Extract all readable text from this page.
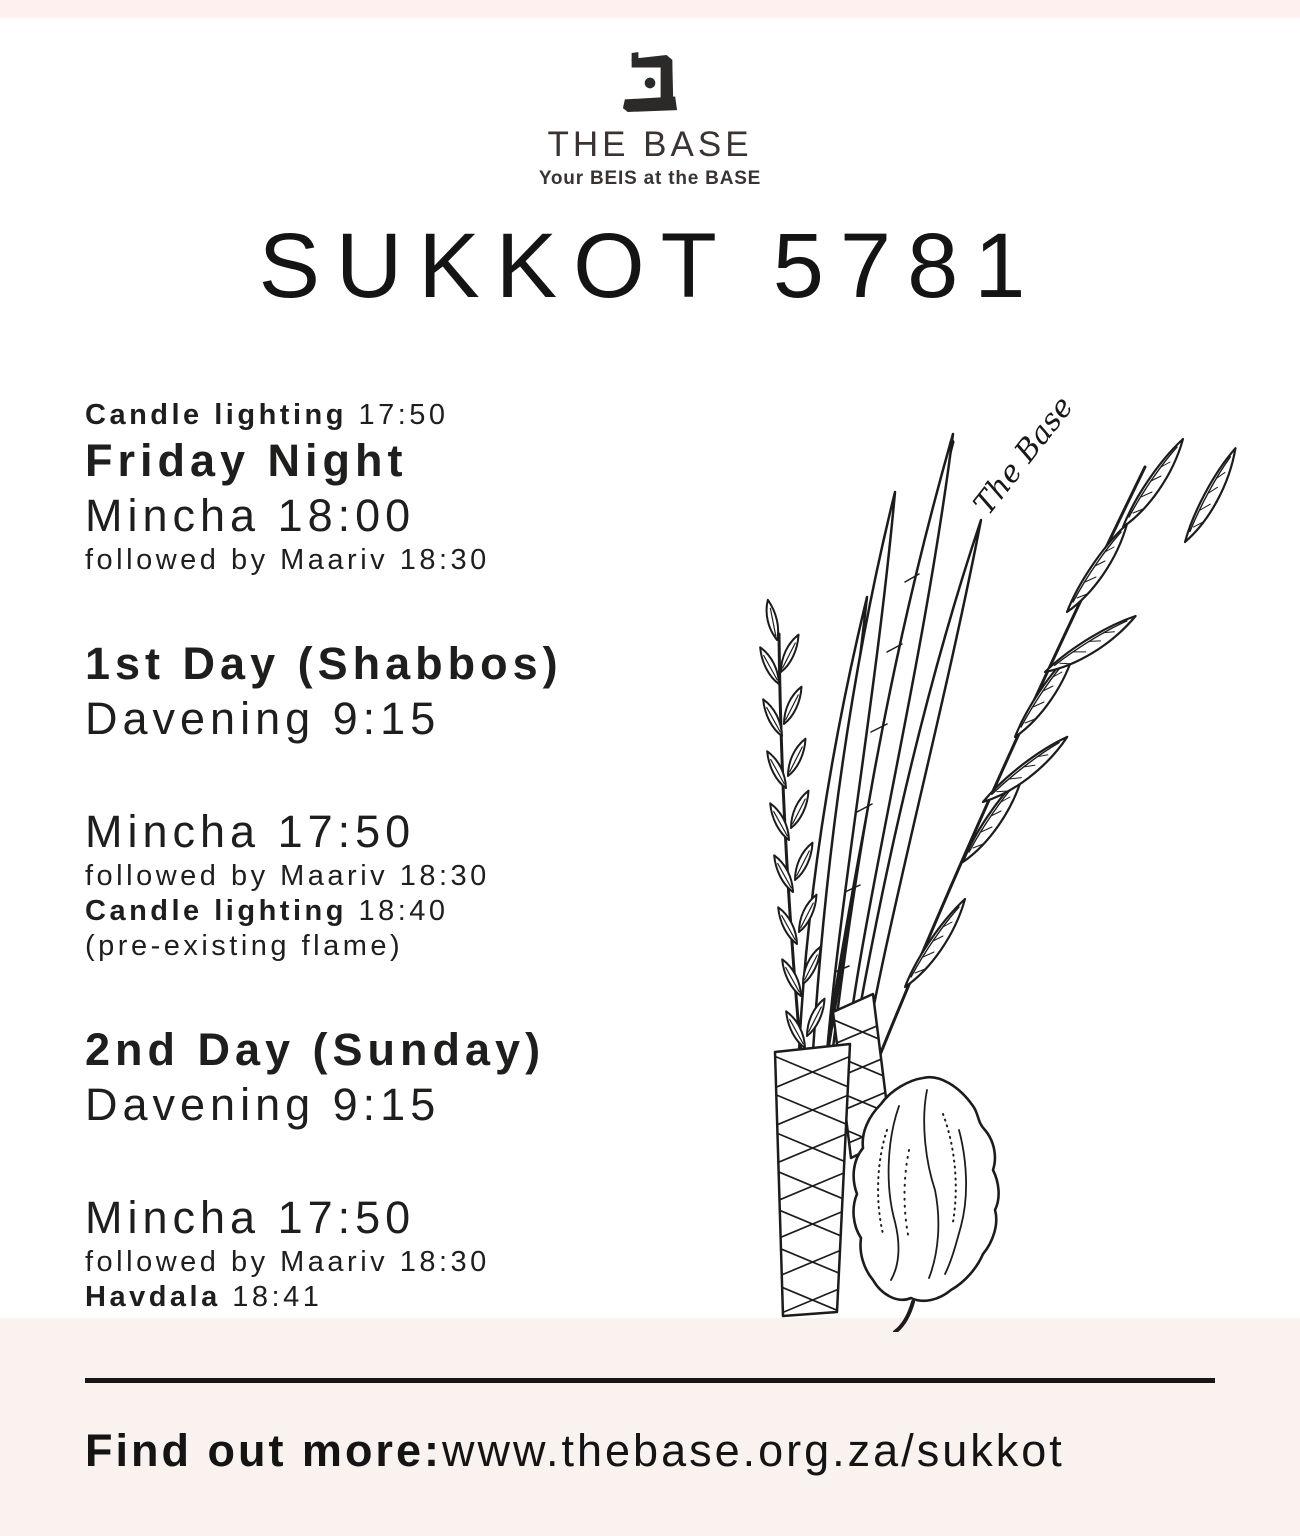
THE BASE
Your BEIS at the BASE
SUKKOT 5781

Candle lighting 17:50

Friday Night

Mincha 18:00

followed by Maariv 18:30

1st Day (Shabbos)

Davening 9:15

Mincha 17:50

followed by Maariv 18:30

Candle lighting 18:40

(pre-existing flame)

2nd Day (Sunday)

Davening 9:15

Mincha 17:50

followed by Maariv 18:30

Havdala 18:41

The Base

Find out more:www.thebase.org.za/sukkot
